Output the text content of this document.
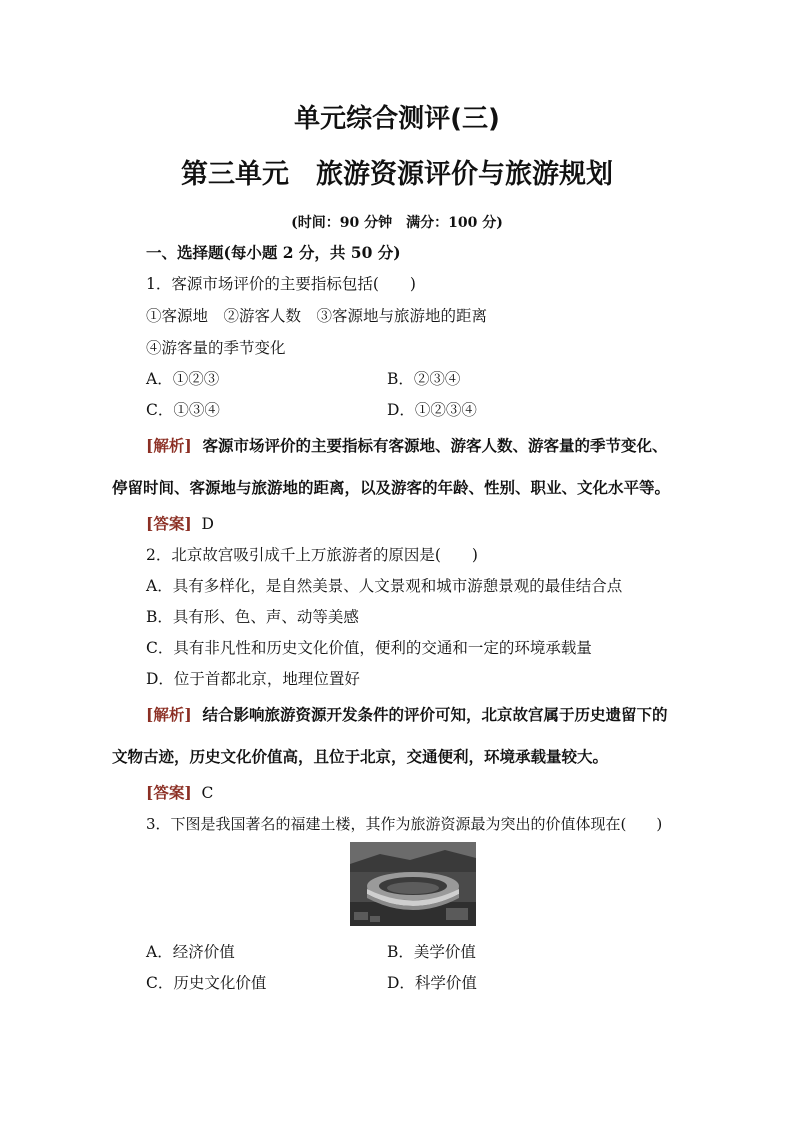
单元综合测评(三)
第三单元　旅游资源评价与旅游规划
(时间：90 分钟　满分：100 分)
一、选择题(每小题 2 分，共 50 分)
1．客源市场评价的主要指标包括(　　)
①客源地　②游客人数　③客源地与旅游地的距离
④游客量的季节变化
A．①②③	B．②③④
C．①③④	D．①②③④
[解析] 客源市场评价的主要指标有客源地、游客人数、游客量的季节变化、
停留时间、客源地与旅游地的距离，以及游客的年龄、性别、职业、文化水平等。
[答案] D
2．北京故宫吸引成千上万旅游者的原因是(　　)
A．具有多样化，是自然美景、人文景观和城市游憩景观的最佳结合点
B．具有形、色、声、动等美感
C．具有非凡性和历史文化价值，便利的交通和一定的环境承载量
D．位于首都北京，地理位置好
[解析] 结合影响旅游资源开发条件的评价可知，北京故宫属于历史遗留下的
文物古迹，历史文化价值高，且位于北京，交通便利，环境承载量较大。
[答案] C
3．下图是我国著名的福建土楼，其作为旅游资源最为突出的价值体现在(　　)
A．经济价值	B．美学价值
C．历史文化价值	D．科学价值
